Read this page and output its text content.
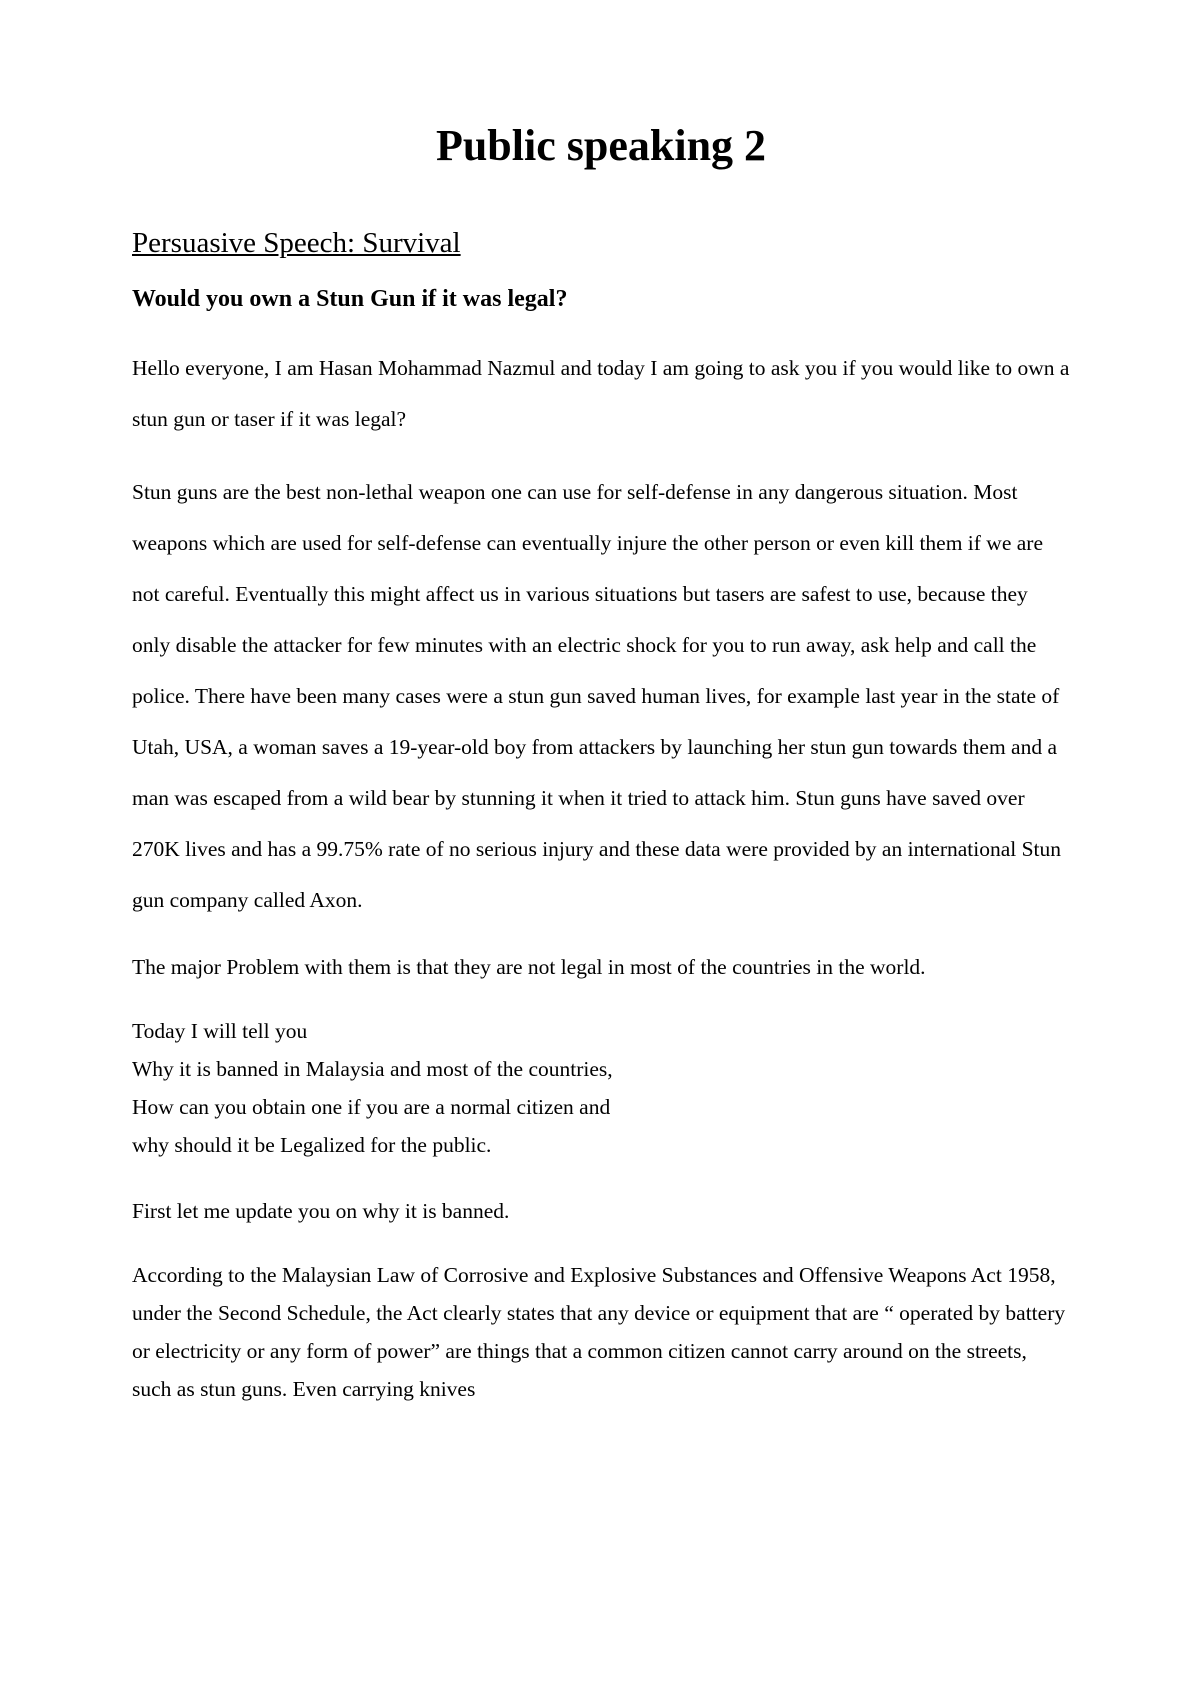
Public speaking 2
Persuasive Speech: Survival
Would you own a Stun Gun if it was legal?

Hello everyone, I am Hasan Mohammad Nazmul and today I am going to ask you if you would like to own a stun gun or taser if it was legal?

Stun guns are the best non-lethal weapon one can use for self-defense in any dangerous situation. Most weapons which are used for self-defense can eventually injure the other person or even kill them if we are not careful. Eventually this might affect us in various situations but tasers are safest to use, because they only disable the attacker for few minutes with an electric shock for you to run away, ask help and call the police. There have been many cases were a stun gun saved human lives, for example last year in the state of Utah, USA, a woman saves a 19-year-old boy from attackers by launching her stun gun towards them and a man was escaped from a wild bear by stunning it when it tried to attack him. Stun guns have saved over 270K lives and has a 99.75% rate of no serious injury and these data were provided by an international Stun gun company called Axon.

The major Problem with them is that they are not legal in most of the countries in the world.

Today I will tell you
Why it is banned in Malaysia and most of the countries,
How can you obtain one if you are a normal citizen and
why should it be Legalized for the public.

First let me update you on why it is banned.

According to the Malaysian Law of Corrosive and Explosive Substances and Offensive Weapons Act 1958, under the Second Schedule, the Act clearly states that any device or equipment that are “ operated by battery or electricity or any form of power” are things that a common citizen cannot carry around on the streets, such as stun guns. Even carrying knives
